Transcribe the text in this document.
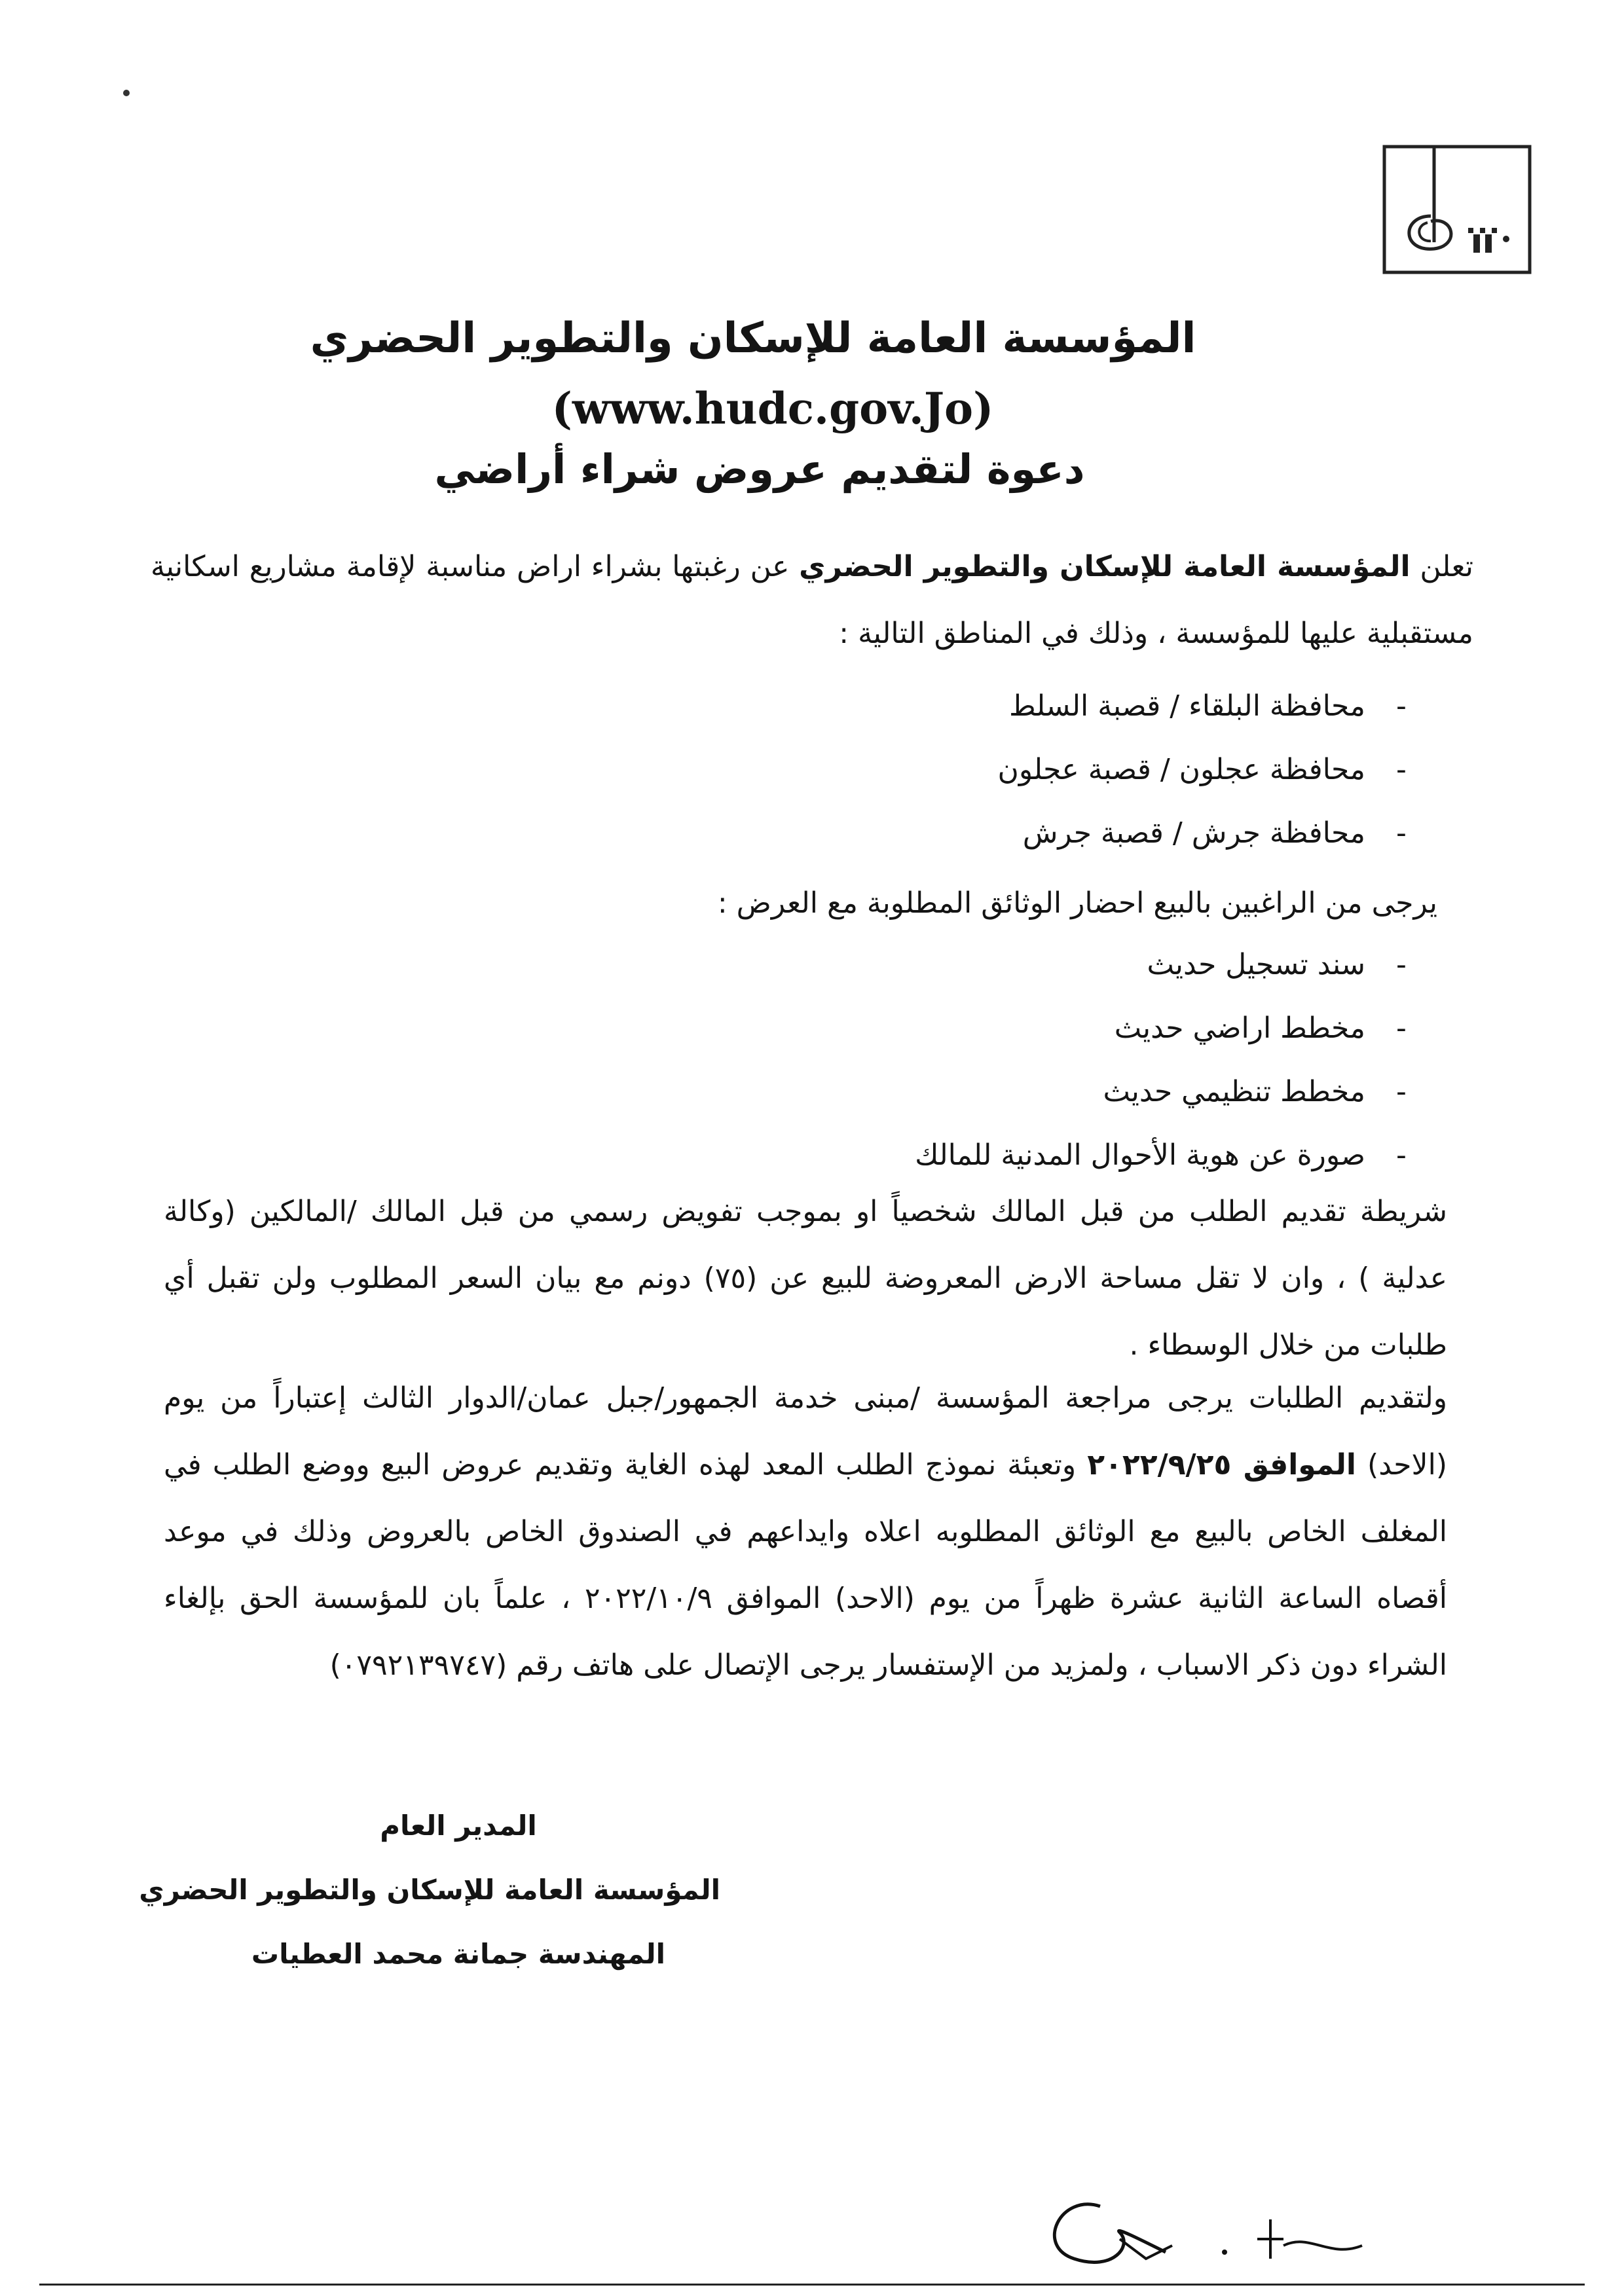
المؤسسة العامة للإسكان والتطوير الحضري
(www.hudc.gov.Jo)
دعوة لتقديم عروض شراء أراضي

تعلن المؤسسة العامة للإسكان والتطوير الحضري عن رغبتها بشراء اراض مناسبة لإقامة مشاريع اسكانية مستقبلية عليها للمؤسسة ، وذلك في المناطق التالية :

-محافظة البلقاء / قصبة السلط
-محافظة عجلون / قصبة عجلون
-محافظة جرش / قصبة جرش
يرجى من الراغبين بالبيع احضار الوثائق المطلوبة مع العرض :
-سند تسجيل حديث
-مخطط اراضي حديث
-مخطط تنظيمي حديث
-صورة عن هوية الأحوال المدنية للمالك

شريطة تقديم الطلب من قبل المالك شخصياً او بموجب تفويض رسمي من قبل المالك /المالكين (وكالة عدلية ) ، وان لا تقل مساحة الارض المعروضة للبيع عن (٧٥) دونم مع بيان السعر المطلوب ولن تقبل أي طلبات من خلال الوسطاء .

ولتقديم الطلبات يرجى مراجعة المؤسسة /مبنى خدمة الجمهور/جبل عمان/الدوار الثالث إعتباراً من يوم (الاحد) الموافق ٢٠٢٢/٩/٢٥ وتعبئة نموذج الطلب المعد لهذه الغاية وتقديم عروض البيع ووضع الطلب في المغلف الخاص بالبيع مع الوثائق المطلوبه اعلاه وايداعهم في الصندوق الخاص بالعروض وذلك في موعد أقصاه الساعة الثانية عشرة ظهراً من يوم (الاحد) الموافق ٢٠٢٢/١٠/٩ ، علماً بان للمؤسسة الحق بإلغاء الشراء دون ذكر الاسباب ، ولمزيد من الإستفسار يرجى الإتصال على هاتف رقم (٠٧٩٢١٣٩٧٤٧)

المدير العام
المؤسسة العامة للإسكان والتطوير الحضري
المهندسة جمانة محمد العطيات
